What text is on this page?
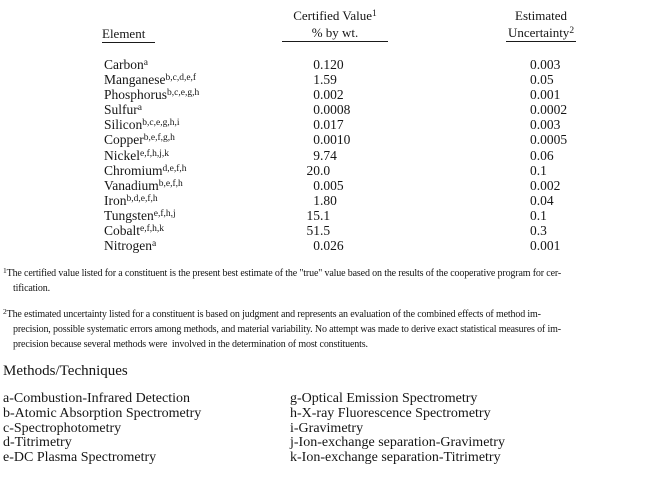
Element
Certified Value$^1$
% by wt.
Estimated
Uncertainty$^2$
Carbon$^a$	0 .120	0.003
Manganese$^{b,c,d,e,f}$	1 .59	0.05
Phosphorus$^{b,c,e,g,h}$	0 .002	0.001
Sulfur$^a$	0 .0008	0.0002
Silicon$^{b,c,e,g,h,i}$	0 .017	0.003
Copper$^{b,e,f,g,h}$	0 .0010	0.0005
Nickel$^{e,f,h,j,k}$	9 .74	0.06
Chromium$^{d,e,f,h}$	20 .0	0.1
Vanadium$^{b,e,f,h}$	0 .005	0.002
Iron$^{b,d,e,f,h}$	1 .80	0.04
Tungsten$^{e,f,h,j}$	15 .1	0.1
Cobalt$^{e,f,h,k}$	51 .5	0.3
Nitrogen$^a$	0 .026	0.001
$^1$The certified value listed for a constituent is the present best estimate of the "true" value based on the results of the cooperative program for cer-
tification.
$^2$The estimated uncertainty listed for a constituent is based on judgment and represents an evaluation of the combined effects of method im-
precision, possible systematic errors among methods, and material variability. No attempt was made to derive exact statistical measures of im-
precision because several methods were  involved in the determination of most constituents.
Methods/Techniques
a-Combustion-Infrared Detection
b-Atomic Absorption Spectrometry
c-Spectrophotometry
d-Titrimetry
e-DC Plasma Spectrometry
g-Optical Emission Spectrometry
h-X-ray Fluorescence Spectrometry
i-Gravimetry
j-Ion-exchange separation-Gravimetry
k-Ion-exchange separation-Titrimetry
